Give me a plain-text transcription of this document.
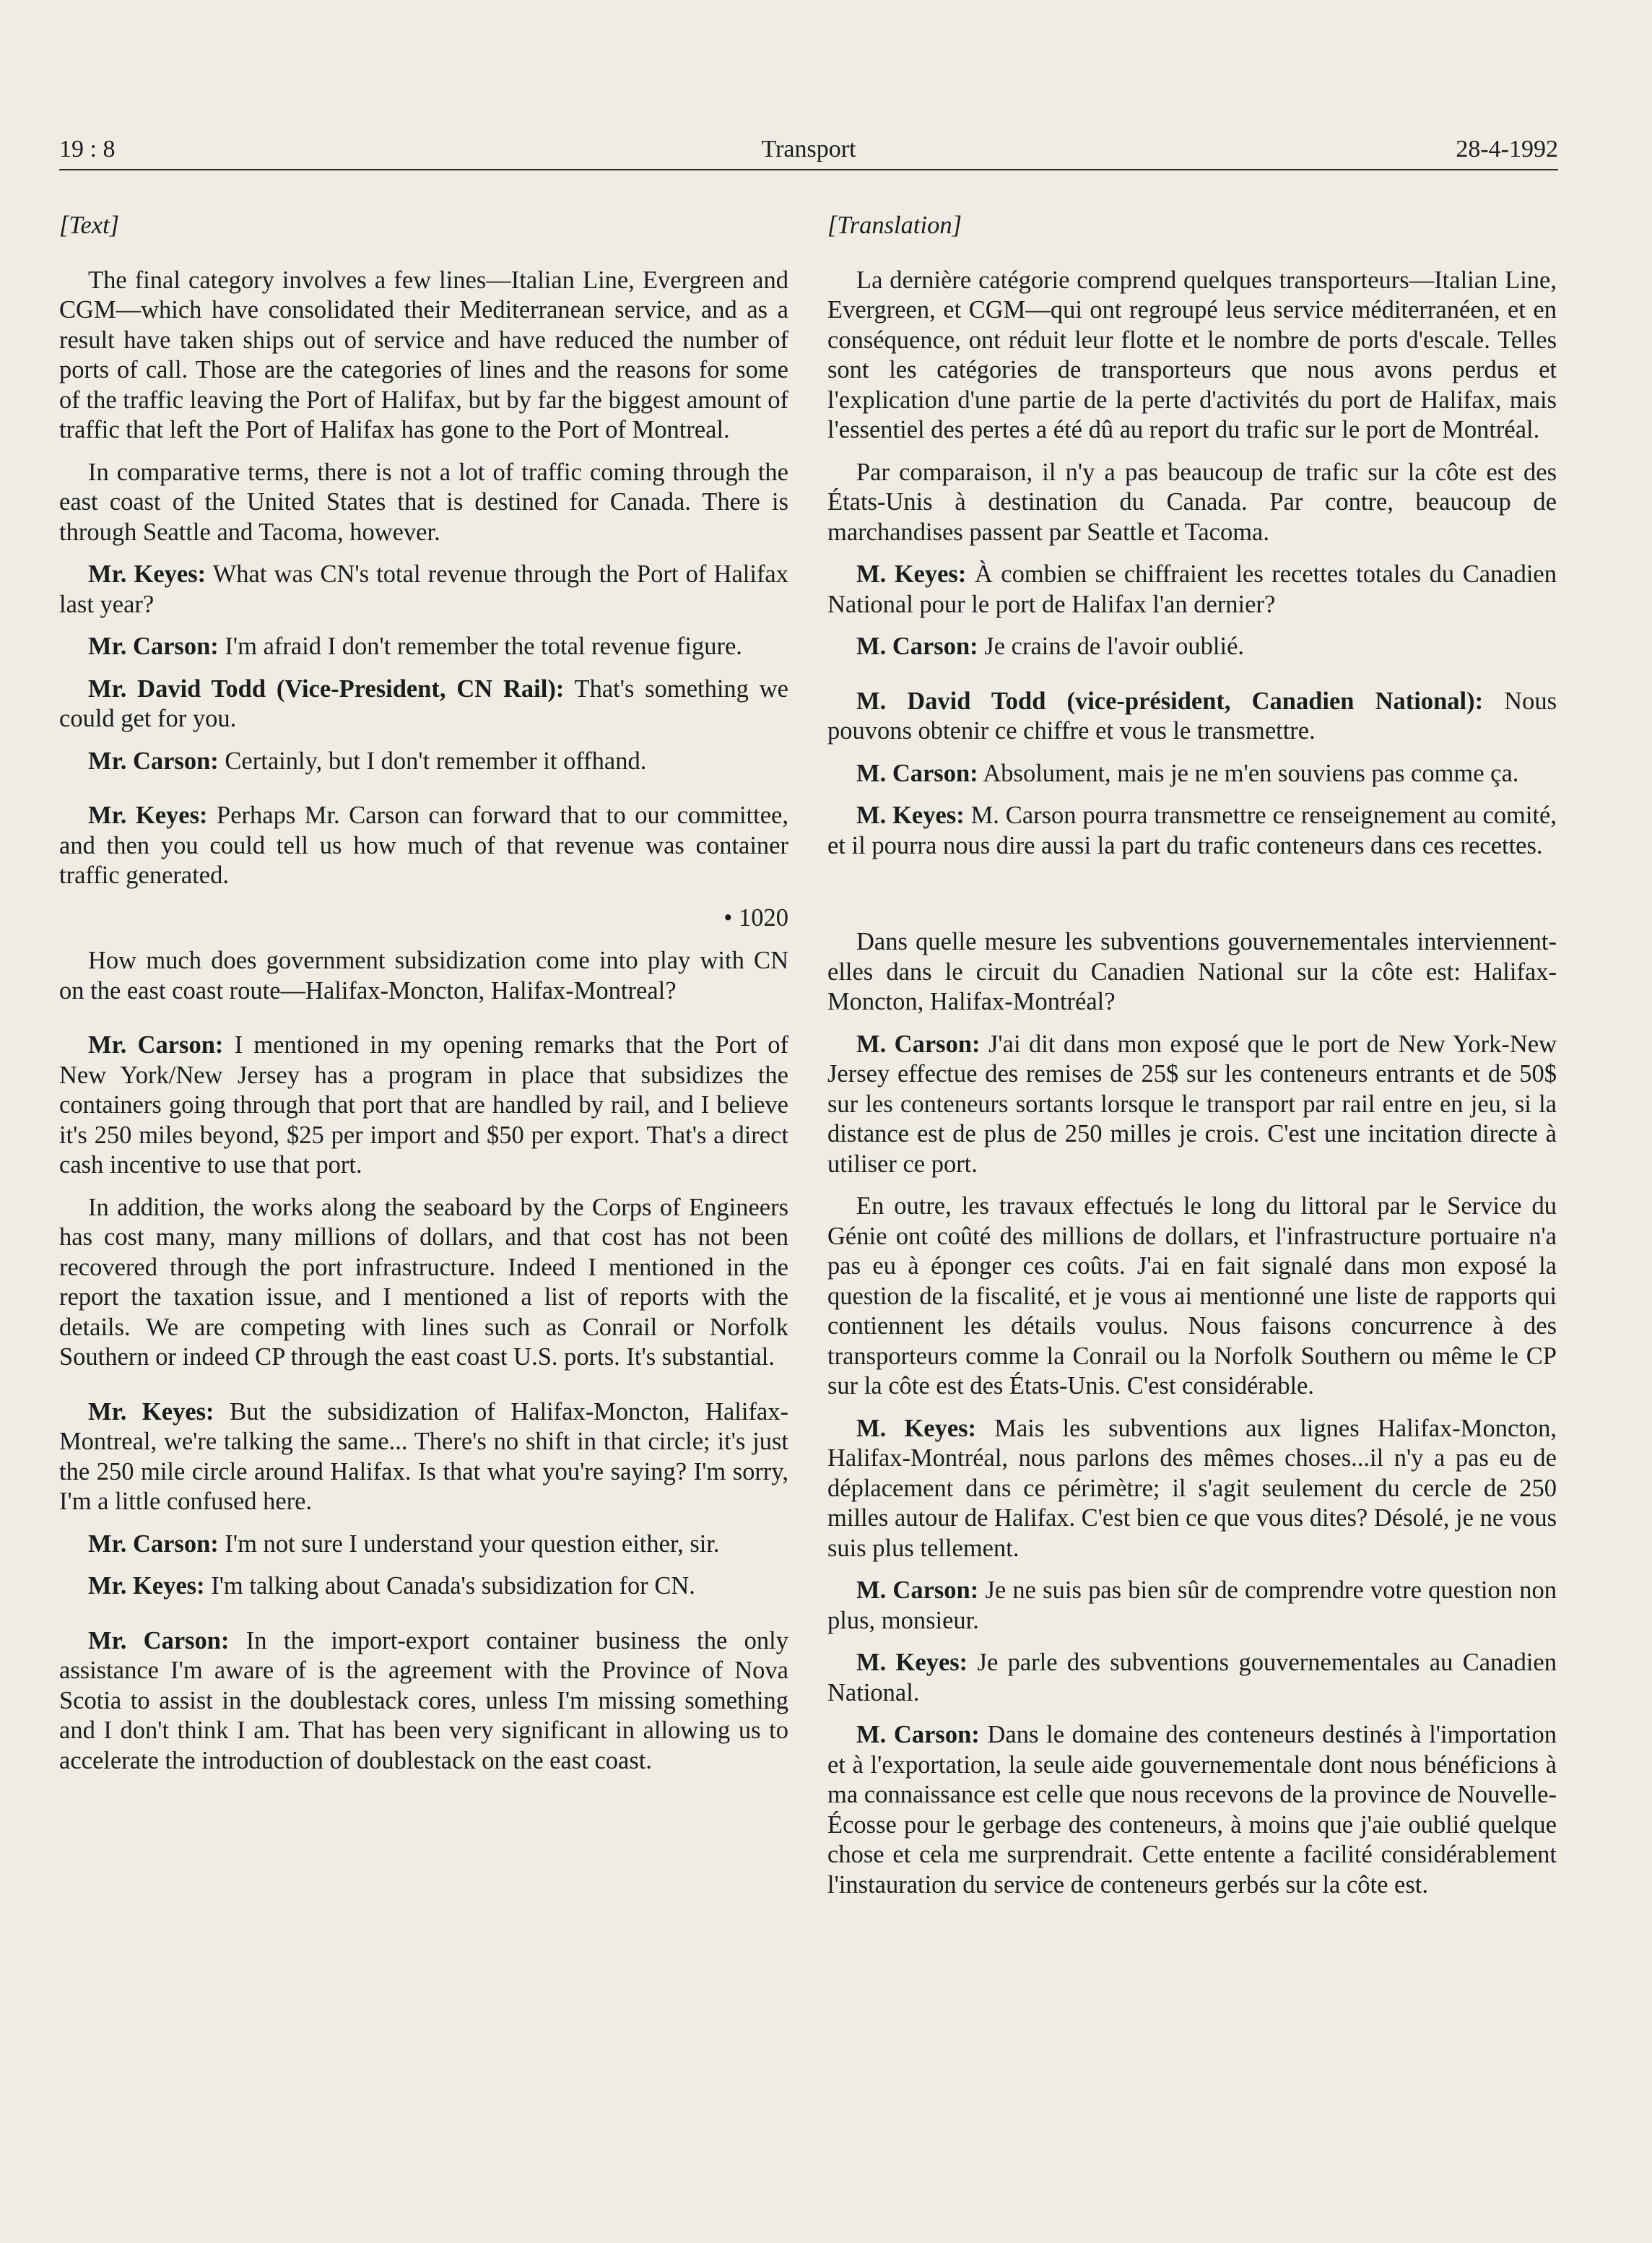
19 : 8	Transport	28-4-1992

[Text]

The final category involves a few lines—Italian Line, Evergreen and CGM—which have consolidated their Mediterranean service, and as a result have taken ships out of service and have reduced the number of ports of call. Those are the categories of lines and the reasons for some of the traffic leaving the Port of Halifax, but by far the biggest amount of traffic that left the Port of Halifax has gone to the Port of Montreal.

In comparative terms, there is not a lot of traffic coming through the east coast of the United States that is destined for Canada. There is through Seattle and Tacoma, however.

Mr. Keyes: What was CN's total revenue through the Port of Halifax last year?

Mr. Carson: I'm afraid I don't remember the total revenue figure.

Mr. David Todd (Vice-President, CN Rail): That's something we could get for you.

Mr. Carson: Certainly, but I don't remember it offhand.

Mr. Keyes: Perhaps Mr. Carson can forward that to our committee, and then you could tell us how much of that revenue was container traffic generated.

• 1020

How much does government subsidization come into play with CN on the east coast route—Halifax-Moncton, Halifax-Montreal?

Mr. Carson: I mentioned in my opening remarks that the Port of New York/New Jersey has a program in place that subsidizes the containers going through that port that are handled by rail, and I believe it's 250 miles beyond, $25 per import and $50 per export. That's a direct cash incentive to use that port.

In addition, the works along the seaboard by the Corps of Engineers has cost many, many millions of dollars, and that cost has not been recovered through the port infrastructure. Indeed I mentioned in the report the taxation issue, and I mentioned a list of reports with the details. We are competing with lines such as Conrail or Norfolk Southern or indeed CP through the east coast U.S. ports. It's substantial.

Mr. Keyes: But the subsidization of Halifax-Moncton, Halifax-Montreal, we're talking the same... There's no shift in that circle; it's just the 250 mile circle around Halifax. Is that what you're saying? I'm sorry, I'm a little confused here.

Mr. Carson: I'm not sure I understand your question either, sir.

Mr. Keyes: I'm talking about Canada's subsidization for CN.

Mr. Carson: In the import-export container business the only assistance I'm aware of is the agreement with the Province of Nova Scotia to assist in the doublestack cores, unless I'm missing something and I don't think I am. That has been very significant in allowing us to accelerate the introduction of doublestack on the east coast.

[Translation]

La dernière catégorie comprend quelques transporteurs—Italian Line, Evergreen, et CGM—qui ont regroupé leus service méditerranéen, et en conséquence, ont réduit leur flotte et le nombre de ports d'escale. Telles sont les catégories de transporteurs que nous avons perdus et l'explication d'une partie de la perte d'activités du port de Halifax, mais l'essentiel des pertes a été dû au report du trafic sur le port de Montréal.

Par comparaison, il n'y a pas beaucoup de trafic sur la côte est des États-Unis à destination du Canada. Par contre, beaucoup de marchandises passent par Seattle et Tacoma.

M. Keyes: À combien se chiffraient les recettes totales du Canadien National pour le port de Halifax l'an dernier?

M. Carson: Je crains de l'avoir oublié.

M. David Todd (vice-président, Canadien National): Nous pouvons obtenir ce chiffre et vous le transmettre.

M. Carson: Absolument, mais je ne m'en souviens pas comme ça.

M. Keyes: M. Carson pourra transmettre ce renseignement au comité, et il pourra nous dire aussi la part du trafic conteneurs dans ces recettes.

Dans quelle mesure les subventions gouvernementales interviennent-elles dans le circuit du Canadien National sur la côte est: Halifax-Moncton, Halifax-Montréal?

M. Carson: J'ai dit dans mon exposé que le port de New York-New Jersey effectue des remises de 25$ sur les conteneurs entrants et de 50$ sur les conteneurs sortants lorsque le transport par rail entre en jeu, si la distance est de plus de 250 milles je crois. C'est une incitation directe à utiliser ce port.

En outre, les travaux effectués le long du littoral par le Service du Génie ont coûté des millions de dollars, et l'infrastructure portuaire n'a pas eu à éponger ces coûts. J'ai en fait signalé dans mon exposé la question de la fiscalité, et je vous ai mentionné une liste de rapports qui contiennent les détails voulus. Nous faisons concurrence à des transporteurs comme la Conrail ou la Norfolk Southern ou même le CP sur la côte est des États-Unis. C'est considérable.

M. Keyes: Mais les subventions aux lignes Halifax-Moncton, Halifax-Montréal, nous parlons des mêmes choses...il n'y a pas eu de déplacement dans ce périmètre; il s'agit seulement du cercle de 250 milles autour de Halifax. C'est bien ce que vous dites? Désolé, je ne vous suis plus tellement.

M. Carson: Je ne suis pas bien sûr de comprendre votre question non plus, monsieur.

M. Keyes: Je parle des subventions gouvernementales au Canadien National.

M. Carson: Dans le domaine des conteneurs destinés à l'importation et à l'exportation, la seule aide gouvernementale dont nous bénéficions à ma connaissance est celle que nous recevons de la province de Nouvelle-Écosse pour le gerbage des conteneurs, à moins que j'aie oublié quelque chose et cela me surprendrait. Cette entente a facilité considérablement l'instauration du service de conteneurs gerbés sur la côte est.
